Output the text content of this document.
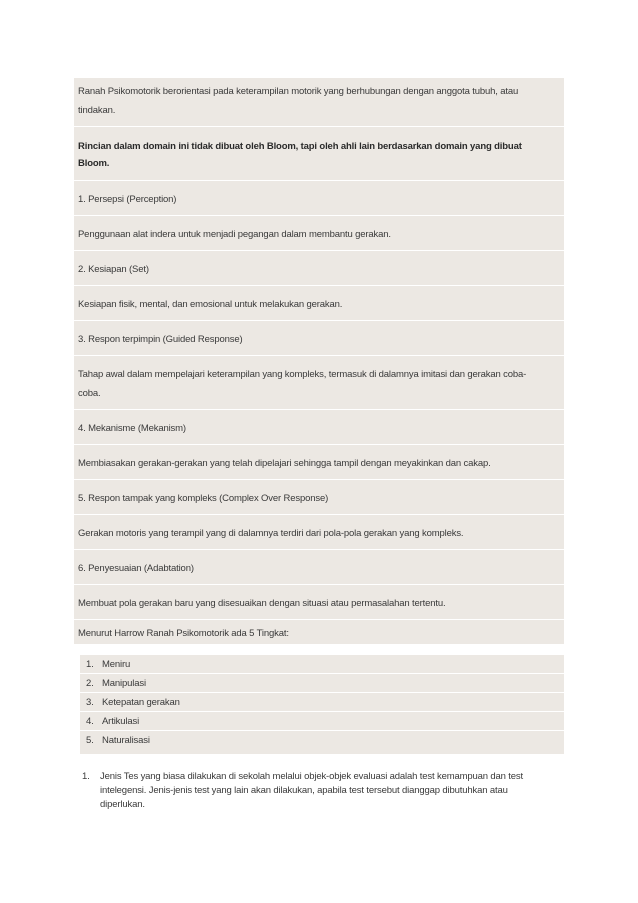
Ranah Psikomotorik berorientasi pada keterampilan motorik yang berhubungan dengan anggota tubuh, atau
tindakan.
Rincian dalam domain ini tidak dibuat oleh Bloom, tapi oleh ahli lain berdasarkan domain yang dibuat
Bloom.
1. Persepsi (Perception)
Penggunaan alat indera untuk menjadi pegangan dalam membantu gerakan.
2. Kesiapan (Set)
Kesiapan fisik, mental, dan emosional untuk melakukan gerakan.
3. Respon terpimpin (Guided Response)
Tahap awal dalam mempelajari keterampilan yang kompleks, termasuk di dalamnya imitasi dan gerakan coba-
coba.
4. Mekanisme (Mekanism)
Membiasakan gerakan-gerakan yang telah dipelajari sehingga tampil dengan meyakinkan dan cakap.
5. Respon tampak yang kompleks (Complex Over Response)
Gerakan motoris yang terampil yang di dalamnya terdiri dari pola-pola gerakan yang kompleks.
6. Penyesuaian (Adabtation)
Membuat pola gerakan baru yang disesuaikan dengan situasi atau permasalahan tertentu.
Menurut Harrow Ranah Psikomotorik ada 5 Tingkat:
1. Meniru
2. Manipulasi
3. Ketepatan gerakan
4. Artikulasi
5. Naturalisasi
1. Jenis Tes yang biasa dilakukan di sekolah melalui objek-objek evaluasi adalah test kemampuan dan test
intelegensi. Jenis-jenis test yang lain akan dilakukan, apabila test tersebut dianggap dibutuhkan atau
diperlukan.
